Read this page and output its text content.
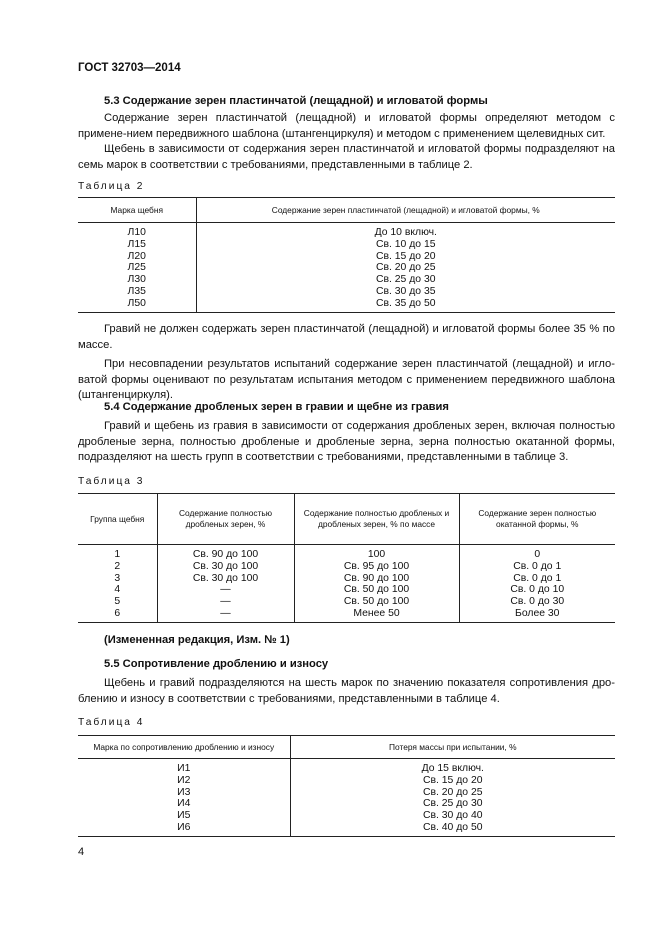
ГОСТ 32703—2014
5.3 Содержание зерен пластинчатой (лещадной) и игловатой формы

Содержание зерен пластинчатой (лещадной) и игловатой формы определяют методом с примене-нием передвижного шаблона (штангенциркуля) и методом с применением щелевидных сит.

Щебень в зависимости от содержания зерен пластинчатой и игловатой формы подразделяют на семь марок в соответствии с требованиями, представленными в таблице 2.

Таблица 2
Марка щебня	Содержание зерен пластинчатой (лещадной) и игловатой формы, %
Л10	До 10 включ.
Л15	Св. 10 до 15
Л20	Св. 15 до 20
Л25	Св. 20 до 25
Л30	Св. 25 до 30
Л35	Св. 30 до 35
Л50	Св. 35 до 50

Гравий не должен содержать зерен пластинчатой (лещадной) и игловатой формы более 35 % по массе.

При несовпадении результатов испытаний содержание зерен пластинчатой (лещадной) и игло-ватой формы оценивают по результатам испытания методом с применением передвижного шаблона (штангенциркуля).

5.4 Содержание дробленых зерен в гравии и щебне из гравия

Гравий и щебень из гравия в зависимости от содержания дробленых зерен, включая полностью дробленые зерна, полностью дробленые и дробленые зерна, зерна полностью окатанной формы, подразделяют на шесть групп в соответствии с требованиями, представленными в таблице 3.

Таблица 3
Группа щебня	Содержание полностью дробленых зерен, %	Содержание полностью дробленых и дробленых зерен, % по массе	Содержание зерен полностью окатанной формы, %
1	Св. 90 до 100	100	0
2	Св. 30 до 100	Св. 95 до 100	Св. 0 до 1
3	Св. 30 до 100	Св. 90 до 100	Св. 0 до 1
4	—	Св. 50 до 100	Св. 0 до 10
5	—	Св. 50 до 100	Св. 0 до 30
6	—	Менее 50	Более 30
(Измененная редакция, Изм. № 1)
5.5 Сопротивление дроблению и износу

Щебень и гравий подразделяются на шесть марок по значению показателя сопротивления дро-блению и износу в соответствии с требованиями, представленными в таблице 4.

Таблица 4
Марка по сопротивлению дроблению и износу	Потеря массы при испытании, %
И1	До 15 включ.
И2	Св. 15 до 20
И3	Св. 20 до 25
И4	Св. 25 до 30
И5	Св. 30 до 40
И6	Св. 40 до 50
4
